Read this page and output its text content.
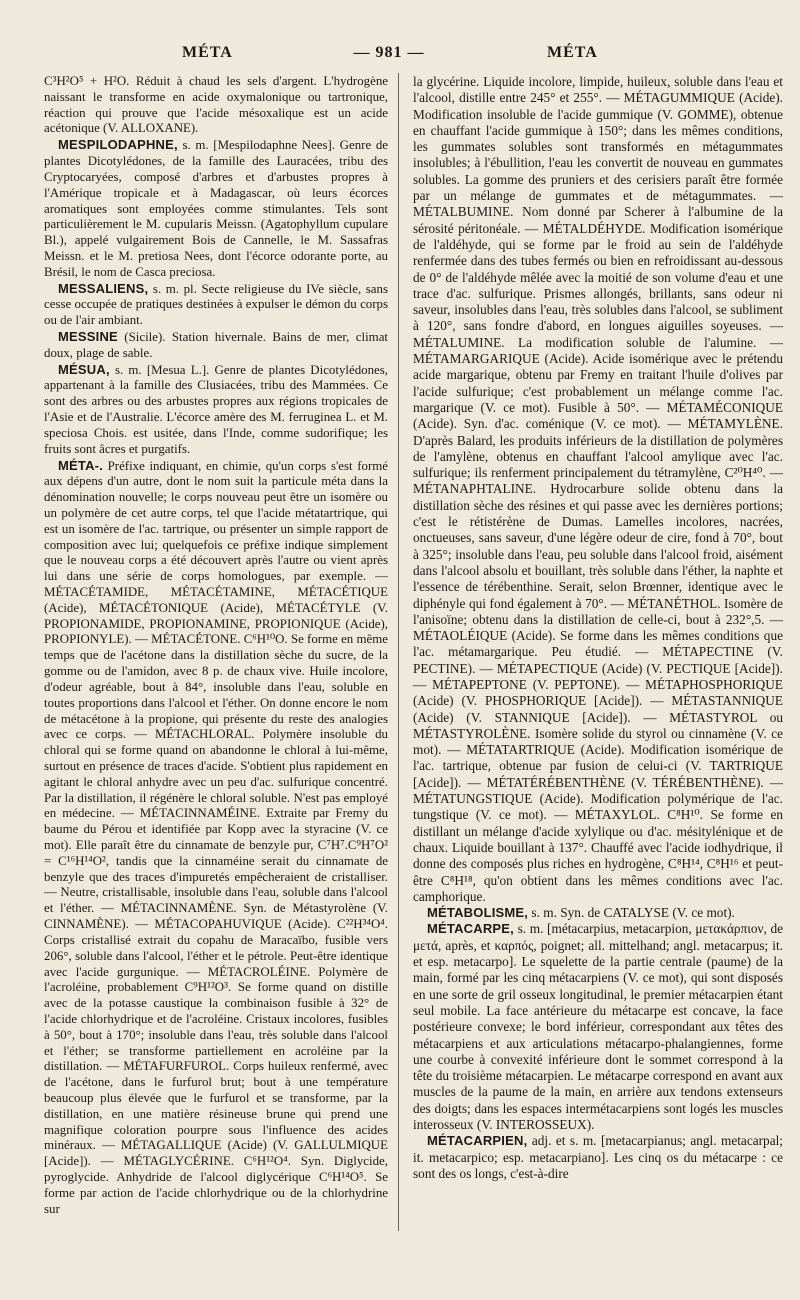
MÉTA	— 981 —	MÉTA

C³H²O⁵ + H²O. Réduit à chaud les sels d'argent. L'hydrogène naissant le transforme en acide oxymalonique ou tartronique, réaction qui prouve que l'acide mésoxalique est un acide acétonique (V. ALLOXANE).

MESPILODAPHNE, s. m. [Mespilodaphne Nees]. Genre de plantes Dicotylédones, de la famille des Lauracées, tribu des Cryptocaryées, composé d'arbres et d'arbustes propres à l'Amérique tropicale et à Madagascar, où leurs écorces aromatiques sont employées comme stimulantes. Tels sont particulièrement le M. cupularis Meissn. (Agatophyllum cupulare Bl.), appelé vulgairement Bois de Cannelle, le M. Sassafras Meissn. et le M. pretiosa Nees, dont l'écorce odorante porte, au Brésil, le nom de Casca preciosa.

MESSALIENS, s. m. pl. Secte religieuse du IVe siècle, sans cesse occupée de pratiques destinées à expulser le démon du corps ou de l'air ambiant.

MESSINE (Sicile). Station hivernale. Bains de mer, climat doux, plage de sable.

MÉSUA, s. m. [Mesua L.]. Genre de plantes Dicotylédones, appartenant à la famille des Clusiacées, tribu des Mammées. Ce sont des arbres ou des arbustes propres aux régions tropicales de l'Asie et de l'Australie. L'écorce amère des M. ferruginea L. et M. speciosa Chois. est usitée, dans l'Inde, comme sudorifique; les fruits sont âcres et purgatifs.

MÉTA-. Préfixe indiquant, en chimie, qu'un corps s'est formé aux dépens d'un autre, dont le nom suit la particule méta dans la dénomination nouvelle; le corps nouveau peut être un isomère ou un polymère de cet autre corps, tel que l'acide métatartrique, qui est un isomère de l'ac. tartrique, ou présenter un simple rapport de composition avec lui; quelquefois ce préfixe indique simplement que le nouveau corps a été découvert après l'autre ou vient après lui dans une série de corps homologues, par exemple. — MÉTACÉTAMIDE, MÉTACÉTAMINE, MÉTACÉTIQUE (Acide), MÉTACÉTONIQUE (Acide), MÉTACÉTYLE (V. PROPIONAMIDE, PROPIONAMINE, PROPIONIQUE (Acide), PROPIONYLE). — MÉTACÉTONE. C⁶H¹⁰O. Se forme en même temps que de l'acétone dans la distillation sèche du sucre, de la gomme ou de l'amidon, avec 8 p. de chaux vive. Huile incolore, d'odeur agréable, bout à 84°, insoluble dans l'eau, soluble en toutes proportions dans l'alcool et l'éther. On donne encore le nom de métacétone à la propione, qui présente du reste des analogies avec ce corps. — MÉTACHLORAL. Polymère insoluble du chloral qui se forme quand on abandonne le chloral à lui-même, surtout en présence de traces d'acide. S'obtient plus rapidement en agitant le chloral anhydre avec un peu d'ac. sulfurique concentré. Par la distillation, il régénère le chloral soluble. N'est pas employé en médecine. — MÉTACINNAMÉINE. Extraite par Fremy du baume du Pérou et identifiée par Kopp avec la styracine (V. ce mot). Elle paraît être du cinnamate de benzyle pur, C⁷H⁷.C⁹H⁷O² = C¹⁶H¹⁴O², tandis que la cinnaméine serait du cinnamate de benzyle que des traces d'impuretés empêcheraient de cristalliser. — Neutre, cristallisable, insoluble dans l'eau, soluble dans l'alcool et l'éther. — MÉTACINNAMÈNE. Syn. de Métastyrolène (V. CINNAMÈNE). — MÉTACOPAHUVIQUE (Acide). C²²H³⁴O⁴. Corps cristallisé extrait du copahu de Maracaïbo, fusible vers 206°, soluble dans l'alcool, l'éther et le pétrole. Peut-être identique avec l'acide gurgunique. — MÉTACROLÉINE. Polymère de l'acroléine, probablement C⁹H¹²O³. Se forme quand on distille avec de la potasse caustique la combinaison fusible à 32° de l'acide chlorhydrique et de l'acroléine. Cristaux incolores, fusibles à 50°, bout à 170°; insoluble dans l'eau, très soluble dans l'alcool et l'éther; se transforme partiellement en acroléine par la distillation. — MÉTAFURFUROL. Corps huileux renfermé, avec de l'acétone, dans le furfurol brut; bout à une température beaucoup plus élevée que le furfurol et se transforme, par la distillation, en une matière résineuse brune qui prend une magnifique coloration pourpre sous l'influence des acides minéraux. — MÉTAGALLIQUE (Acide) (V. GALLULMIQUE [Acide]). — MÉTAGLYCÉRINE. C⁶H¹²O⁴. Syn. Diglycide, pyroglycide. Anhydride de l'alcool diglycérique C⁶H¹⁴O⁵. Se forme par action de l'acide chlorhydrique ou de la chlorhydrine sur

la glycérine. Liquide incolore, limpide, huileux, soluble dans l'eau et l'alcool, distille entre 245° et 255°. — MÉTAGUMMIQUE (Acide). Modification insoluble de l'acide gummique (V. GOMME), obtenue en chauffant l'acide gummique à 150°; dans les mêmes conditions, les gummates solubles sont transformés en métagummates insolubles; à l'ébullition, l'eau les convertit de nouveau en gummates solubles. La gomme des pruniers et des cerisiers paraît être formée par un mélange de gummates et de métagummates. — MÉTALBUMINE. Nom donné par Scherer à l'albumine de la sérosité péritonéale. — MÉTALDÉHYDE. Modification isomérique de l'aldéhyde, qui se forme par le froid au sein de l'aldéhyde renfermée dans des tubes fermés ou bien en refroidissant au-dessous de 0° de l'aldéhyde mêlée avec la moitié de son volume d'eau et une trace d'ac. sulfurique. Prismes allongés, brillants, sans odeur ni saveur, insolubles dans l'eau, très solubles dans l'alcool, se subliment à 120°, sans fondre d'abord, en longues aiguilles soyeuses. — MÉTALUMINE. La modification soluble de l'alumine. — MÉTAMARGARIQUE (Acide). Acide isomérique avec le prétendu acide margarique, obtenu par Fremy en traitant l'huile d'olives par l'acide sulfurique; c'est probablement un mélange comme l'ac. margarique (V. ce mot). Fusible à 50°. — MÉTAMÉCONIQUE (Acide). Syn. d'ac. coménique (V. ce mot). — MÉTAMYLÈNE. D'après Balard, les produits inférieurs de la distillation de polymères de l'amylène, obtenus en chauffant l'alcool amylique avec l'ac. sulfurique; ils renferment principalement du tétramylène, C²⁰H⁴⁰. — MÉTANAPHTALINE. Hydrocarbure solide obtenu dans la distillation sèche des résines et qui passe avec les dernières portions; c'est le rétistérène de Dumas. Lamelles incolores, nacrées, onctueuses, sans saveur, d'une légère odeur de cire, fond à 70°, bout à 325°; insoluble dans l'eau, peu soluble dans l'alcool froid, aisément dans l'alcool absolu et bouillant, très soluble dans l'éther, la naphte et l'essence de térébenthine. Serait, selon Brœnner, identique avec le diphényle qui fond également à 70°. — MÉTANÉTHOL. Isomère de l'anisoïne; obtenu dans la distillation de celle-ci, bout à 232°,5. — MÉTAOLÉIQUE (Acide). Se forme dans les mêmes conditions que l'ac. métamargarique. Peu étudié. — MÉTAPECTINE (V. PECTINE). — MÉTAPECTIQUE (Acide) (V. PECTIQUE [Acide]). — MÉTAPEPTONE (V. PEPTONE). — MÉTAPHOSPHORIQUE (Acide) (V. PHOSPHORIQUE [Acide]). — MÉTASTANNIQUE (Acide) (V. STANNIQUE [Acide]). — MÉTASTYROL ou MÉTASTYROLÈNE. Isomère solide du styrol ou cinnamène (V. ce mot). — MÉTATARTRIQUE (Acide). Modification isomérique de l'ac. tartrique, obtenue par fusion de celui-ci (V. TARTRIQUE [Acide]). — MÉTATÉRÉBENTHÈNE (V. TÉRÉBENTHÈNE). — MÉTATUNGSTIQUE (Acide). Modification polymérique de l'ac. tungstique (V. ce mot). — MÉTAXYLOL. C⁸H¹⁰. Se forme en distillant un mélange d'acide xylylique ou d'ac. mésitylénique et de chaux. Liquide bouillant à 137°. Chauffé avec l'acide iodhydrique, il donne des composés plus riches en hydrogène, C⁸H¹⁴, C⁸H¹⁶ et peut-être C⁸H¹⁸, qu'on obtient dans les mêmes conditions avec l'ac. camphorique.

MÉTABOLISME, s. m. Syn. de CATALYSE (V. ce mot).

MÉTACARPE, s. m. [métacarpius, metacarpion, μετακάρπιον, de μετά, après, et καρπός, poignet; all. mittelhand; angl. metacarpus; it. et esp. metacarpo]. Le squelette de la partie centrale (paume) de la main, formé par les cinq métacarpiens (V. ce mot), qui sont disposés en une sorte de gril osseux longitudinal, le premier métacarpien étant seul mobile. La face antérieure du métacarpe est concave, la face postérieure convexe; le bord inférieur, correspondant aux têtes des métacarpiens et aux articulations métacarpo-phalangiennes, forme une courbe à convexité inférieure dont le sommet correspond à la tête du troisième métacarpien. Le métacarpe correspond en avant aux muscles de la paume de la main, en arrière aux tendons extenseurs des doigts; dans les espaces intermétacarpiens sont logés les muscles interosseux (V. INTEROSSEUX).

MÉTACARPIEN, adj. et s. m. [metacarpianus; angl. metacarpal; it. metacarpico; esp. metacarpiano]. Les cinq os du métacarpe : ce sont des os longs, c'est-à-dire
